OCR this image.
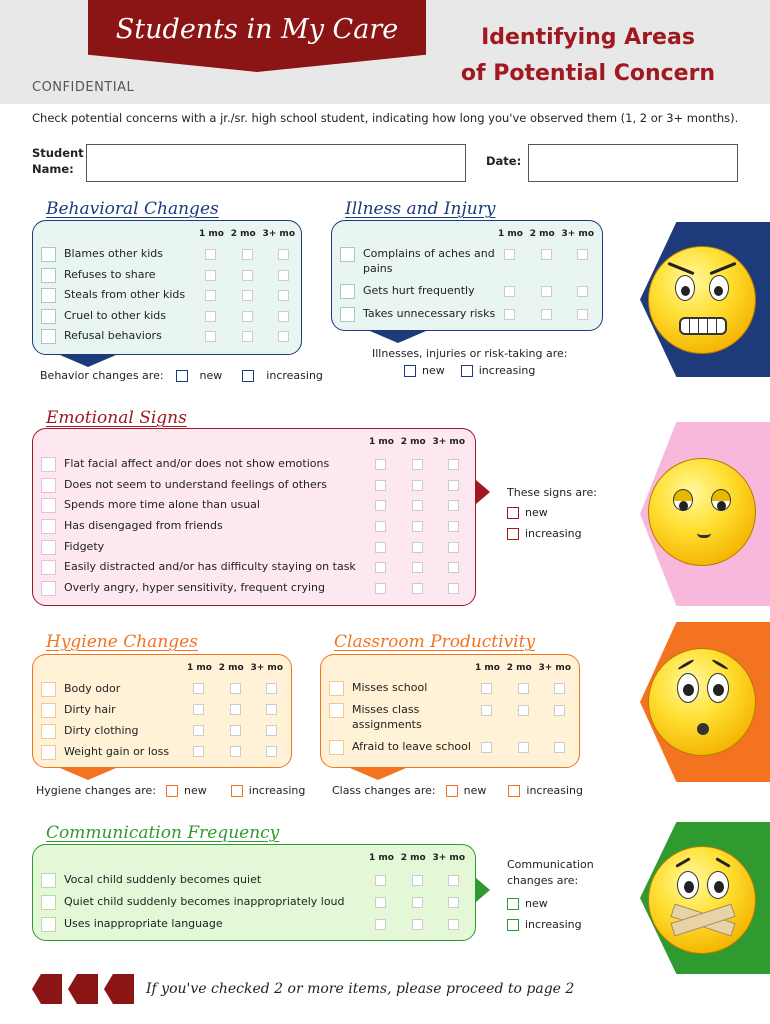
Students in My Care	Identifying Areas
of Potential Concern
CONFIDENTIAL
Check potential concerns with a jr./sr. high school student, indicating how long you've observed them (1, 2 or 3+ months).
Student
Name:
Date:
Behavioral Changes
1 mo 2 mo 3+ mo
Blames other kids
Refuses to share
Steals from other kids
Cruel to other kids
Refusal behaviors
Behavior changes are:	new	increasing
Illness and Injury
1 mo 2 mo 3+ mo
Complains of aches and pains
Gets hurt frequently
Takes unnecessary risks
Illnesses, injuries or risk-taking are:
new	increasing
Emotional Signs
1 mo 2 mo 3+ mo
Flat facial affect and/or does not show emotions
Does not seem to understand feelings of others
Spends more time alone than usual
Has disengaged from friends
Fidgety
Easily distracted and/or has difficulty staying on task
Overly angry, hyper sensitivity, frequent crying
These signs are:
new
increasing
Hygiene Changes
1 mo 2 mo 3+ mo
Body odor
Dirty hair
Dirty clothing
Weight gain or loss
Hygiene changes are:	new	increasing
Classroom Productivity
1 mo 2 mo 3+ mo
Misses school
Misses class assignments
Afraid to leave school
Class changes are:	new	increasing
Communication Frequency
1 mo 2 mo 3+ mo
Vocal child suddenly becomes quiet
Quiet child suddenly becomes inappropriately loud
Uses inappropriate language
Communication
changes are:
new
increasing
If you've checked 2 or more items, please proceed to page 2
